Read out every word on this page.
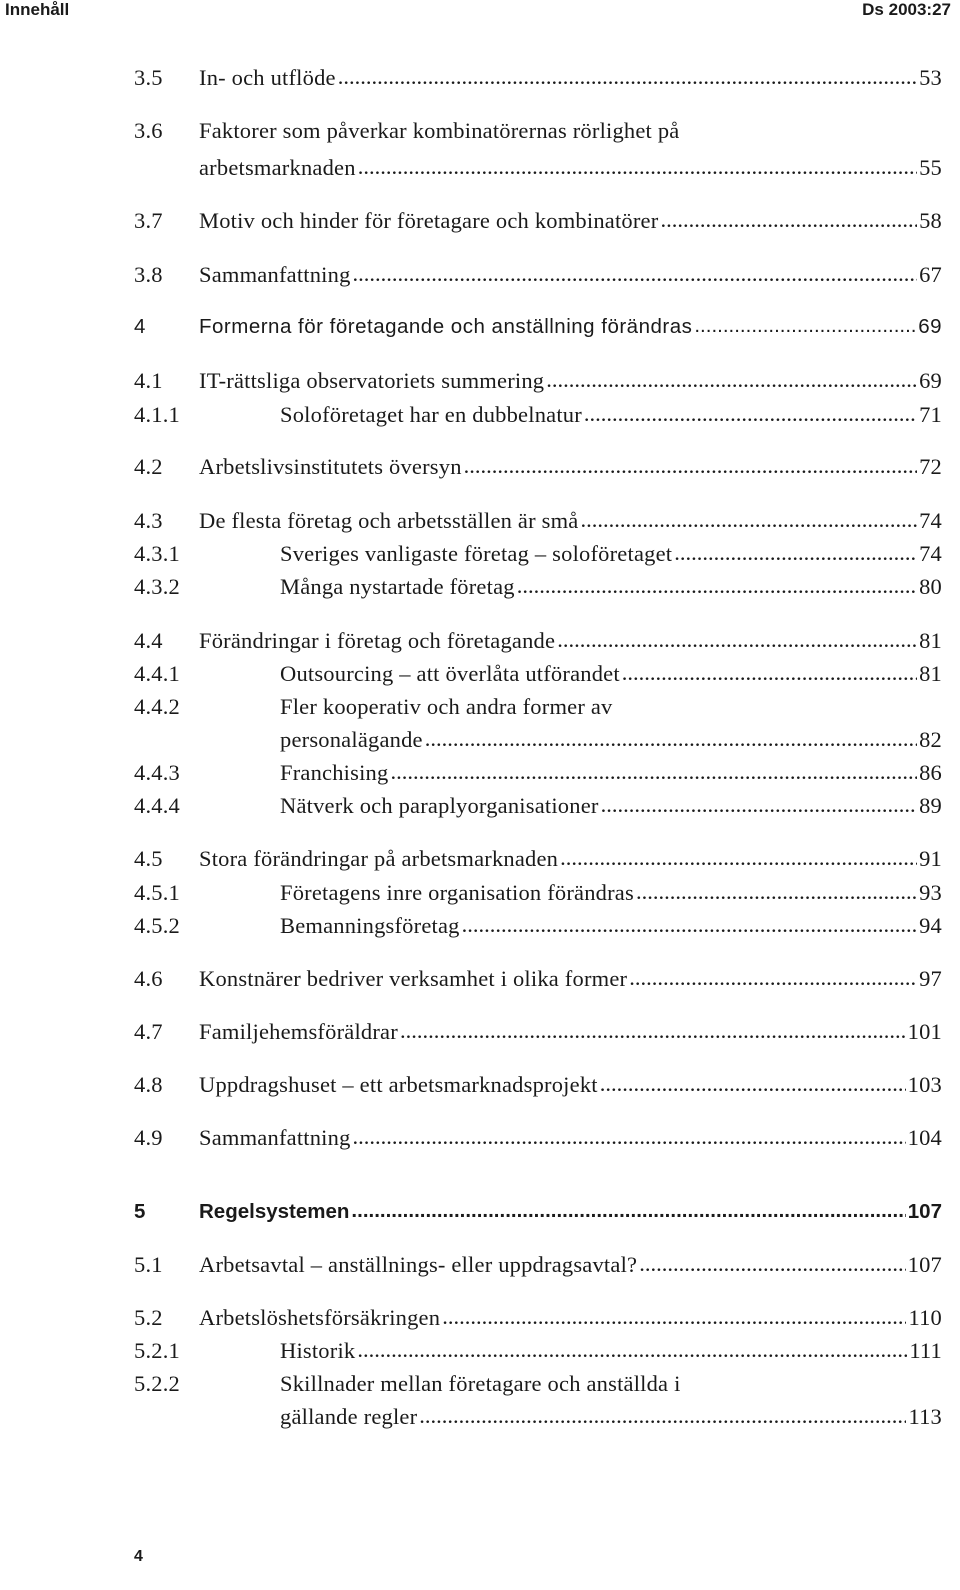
Innehåll	Ds 2003:27
3.5 In- och utflöde .....	53
3.6 Faktorer som påverkar kombinatörernas rörlighet på
arbetsmarknaden .....	55
3.7 Motiv och hinder för företagare och kombinatörer .....	58
3.8 Sammanfattning .....	67
4	Formerna för företagande och anställning förändras .....	69
4.1 IT-rättsliga observatoriets summering .....	69
4.1.1	Soloföretaget har en dubbelnatur .....	71
4.2 Arbetslivsinstitutets översyn .....	72
4.3 De flesta företag och arbetsställen är små .....	74
4.3.1	Sveriges vanligaste företag – soloföretaget .....	74
4.3.2	Många nystartade företag .....	80
4.4 Förändringar i företag och företagande .....	81
4.4.1	Outsourcing – att överlåta utförandet .....	81
4.4.2	Fler kooperativ och andra former av
personalägande .....	82
4.4.3	Franchising .....	86
4.4.4	Nätverk och paraplyorganisationer .....	89
4.5 Stora förändringar på arbetsmarknaden .....	91
4.5.1	Företagens inre organisation förändras .....	93
4.5.2	Bemanningsföretag .....	94
4.6 Konstnärer bedriver verksamhet i olika former .....	97
4.7 Familjehemsföräldrar .....	101
4.8 Uppdragshuset – ett arbetsmarknadsprojekt .....	103
4.9 Sammanfattning .....	104
5	Regelsystemen .....	107
5.1 Arbetsavtal – anställnings- eller uppdragsavtal? .....	107
5.2 Arbetslöshetsförsäkringen .....	110
5.2.1	Historik .....	111
5.2.2	Skillnader mellan företagare och anställda i
gällande regler .....	113
4
